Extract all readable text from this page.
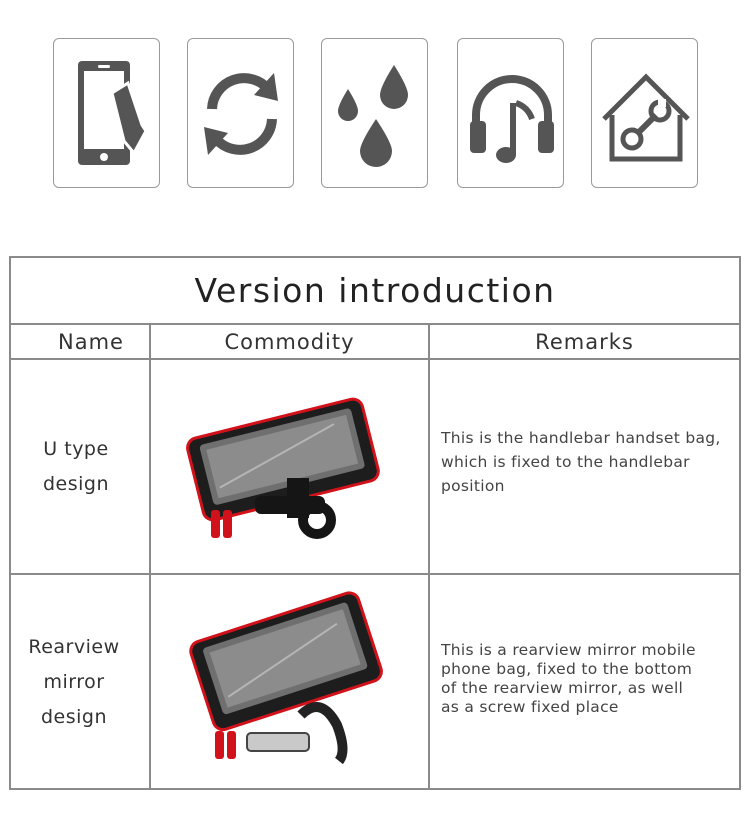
Version introduction
Name	Commodity	Remarks
U type
design
This is the handlebar handset bag,
which is fixed to the handlebar
position
Rearview
mirror
design
This is a rearview mirror mobile
phone bag, fixed to the bottom
of the rearview mirror, as well
as a screw fixed place
